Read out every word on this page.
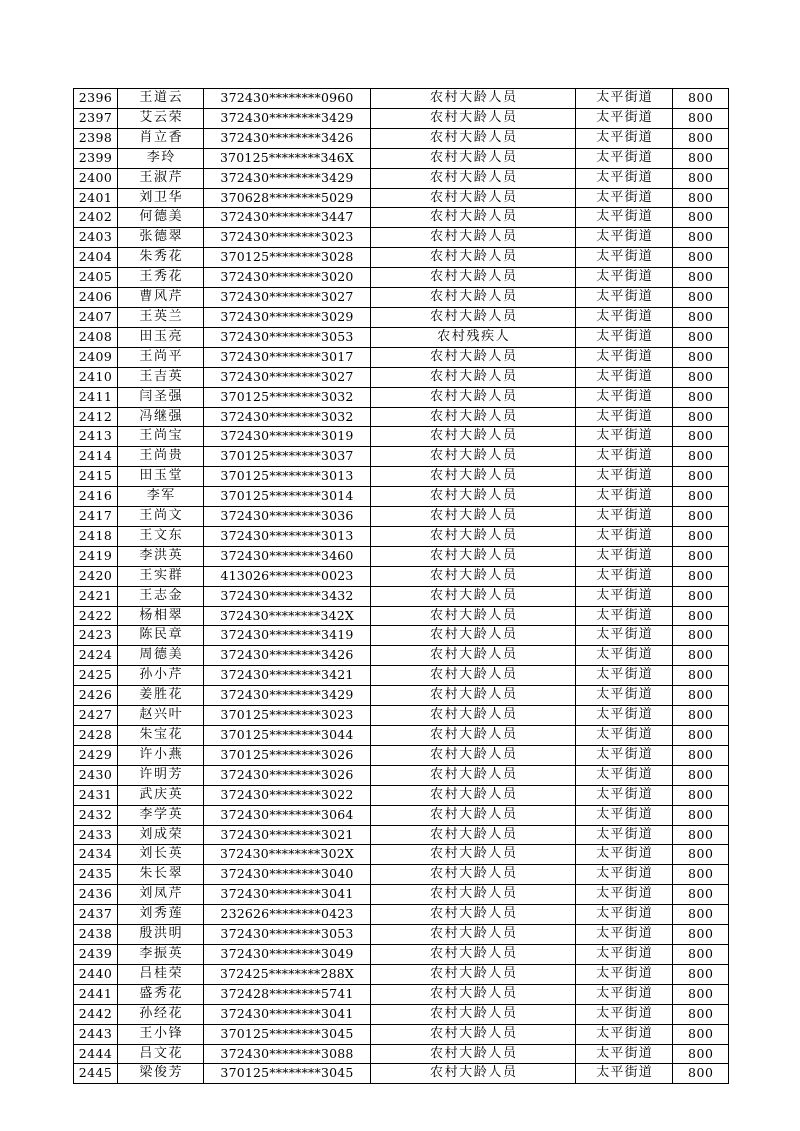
2396	王道云	372430********0960	农村大龄人员	太平街道	800
2397	艾云荣	372430********3429	农村大龄人员	太平街道	800
2398	肖立香	372430********3426	农村大龄人员	太平街道	800
2399	李玲	370125********346X	农村大龄人员	太平街道	800
2400	王淑芹	372430********3429	农村大龄人员	太平街道	800
2401	刘卫华	370628********5029	农村大龄人员	太平街道	800
2402	何德美	372430********3447	农村大龄人员	太平街道	800
2403	张德翠	372430********3023	农村大龄人员	太平街道	800
2404	朱秀花	370125********3028	农村大龄人员	太平街道	800
2405	王秀花	372430********3020	农村大龄人员	太平街道	800
2406	曹风芹	372430********3027	农村大龄人员	太平街道	800
2407	王英兰	372430********3029	农村大龄人员	太平街道	800
2408	田玉亮	372430********3053	农村残疾人	太平街道	800
2409	王尚平	372430********3017	农村大龄人员	太平街道	800
2410	王吉英	372430********3027	农村大龄人员	太平街道	800
2411	闫圣强	370125********3032	农村大龄人员	太平街道	800
2412	冯继强	372430********3032	农村大龄人员	太平街道	800
2413	王尚宝	372430********3019	农村大龄人员	太平街道	800
2414	王尚贵	370125********3037	农村大龄人员	太平街道	800
2415	田玉堂	370125********3013	农村大龄人员	太平街道	800
2416	李军	370125********3014	农村大龄人员	太平街道	800
2417	王尚文	372430********3036	农村大龄人员	太平街道	800
2418	王文东	372430********3013	农村大龄人员	太平街道	800
2419	李洪英	372430********3460	农村大龄人员	太平街道	800
2420	王实群	413026********0023	农村大龄人员	太平街道	800
2421	王志金	372430********3432	农村大龄人员	太平街道	800
2422	杨相翠	372430********342X	农村大龄人员	太平街道	800
2423	陈民章	372430********3419	农村大龄人员	太平街道	800
2424	周德美	372430********3426	农村大龄人员	太平街道	800
2425	孙小芹	372430********3421	农村大龄人员	太平街道	800
2426	姜胜花	372430********3429	农村大龄人员	太平街道	800
2427	赵兴叶	370125********3023	农村大龄人员	太平街道	800
2428	朱宝花	370125********3044	农村大龄人员	太平街道	800
2429	许小燕	370125********3026	农村大龄人员	太平街道	800
2430	许明芳	372430********3026	农村大龄人员	太平街道	800
2431	武庆英	372430********3022	农村大龄人员	太平街道	800
2432	李学英	372430********3064	农村大龄人员	太平街道	800
2433	刘成荣	372430********3021	农村大龄人员	太平街道	800
2434	刘长英	372430********302X	农村大龄人员	太平街道	800
2435	朱长翠	372430********3040	农村大龄人员	太平街道	800
2436	刘凤芹	372430********3041	农村大龄人员	太平街道	800
2437	刘秀莲	232626********0423	农村大龄人员	太平街道	800
2438	殷洪明	372430********3053	农村大龄人员	太平街道	800
2439	李振英	372430********3049	农村大龄人员	太平街道	800
2440	吕桂荣	372425********288X	农村大龄人员	太平街道	800
2441	盛秀花	372428********5741	农村大龄人员	太平街道	800
2442	孙经花	372430********3041	农村大龄人员	太平街道	800
2443	王小锋	370125********3045	农村大龄人员	太平街道	800
2444	吕文花	372430********3088	农村大龄人员	太平街道	800
2445	梁俊芳	370125********3045	农村大龄人员	太平街道	800
